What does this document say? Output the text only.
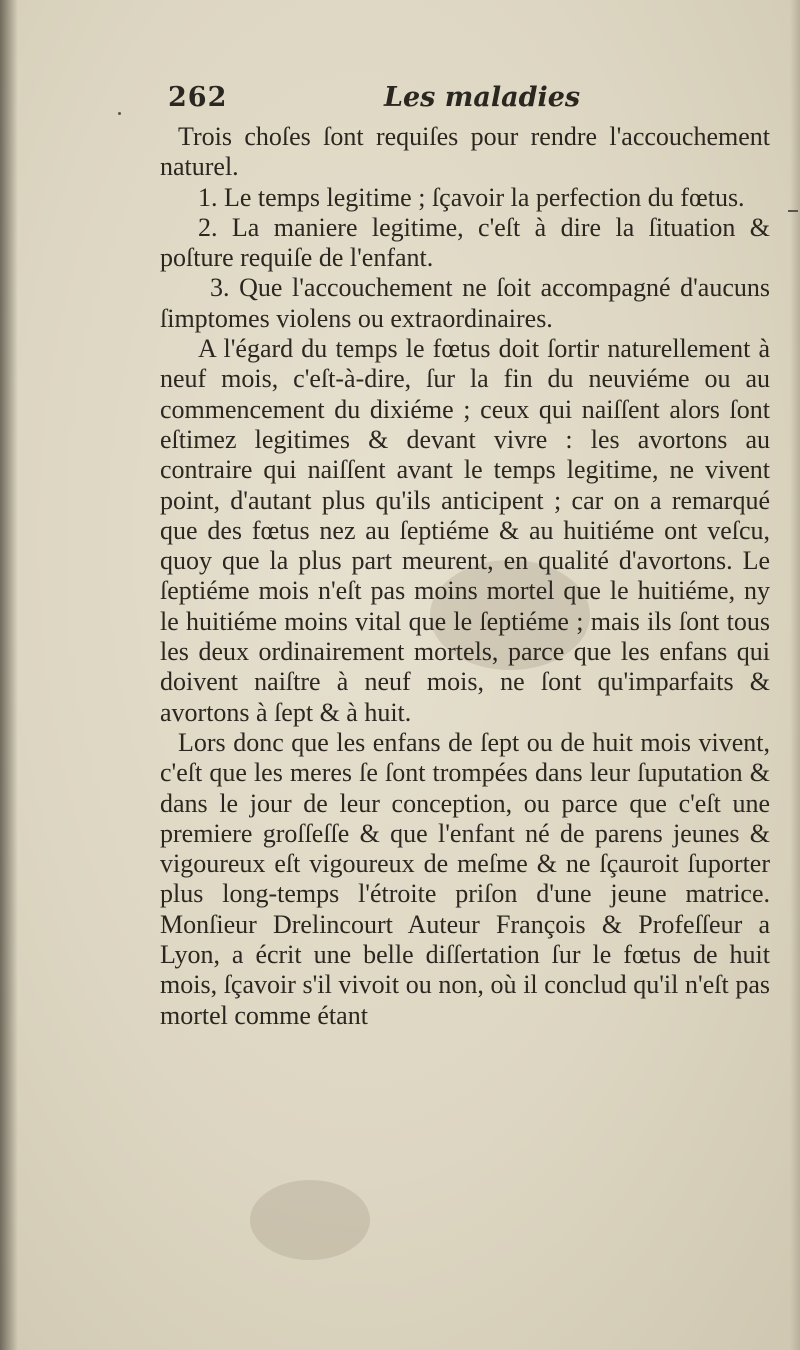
262	Les maladies

Trois choſes ſont requiſes pour rendre l'accouchement naturel.

1. Le temps legitime ; ſçavoir la perfection du fœtus.

2. La maniere legitime, c'eſt à dire la ſituation & poſture requiſe de l'enfant.

3. Que l'accouchement ne ſoit accompagné d'aucuns ſimptomes violens ou extraordinaires.

A l'égard du temps le fœtus doit ſortir naturellement à neuf mois, c'eſt-à-dire, ſur la fin du neuviéme ou au commencement du dixiéme ; ceux qui naiſſent alors ſont eſtimez legitimes & devant vivre : les avortons au contraire qui naiſſent avant le temps legitime, ne vivent point, d'autant plus qu'ils anticipent ; car on a remarqué que des fœtus nez au ſeptiéme & au huitiéme ont veſcu, quoy que la plus part meurent, en qualité d'avortons. Le ſeptiéme mois n'eſt pas moins mortel que le huitiéme, ny le huitiéme moins vital que le ſeptiéme ; mais ils ſont tous les deux ordinairement mortels, parce que les enfans qui doivent naiſtre à neuf mois, ne ſont qu'imparfaits & avortons à ſept & à huit.

Lors donc que les enfans de ſept ou de huit mois vivent, c'eſt que les meres ſe ſont trompées dans leur ſuputation & dans le jour de leur conception, ou parce que c'eſt une premiere groſſeſſe & que l'enfant né de parens jeunes & vigoureux eſt vigoureux de meſme & ne ſçauroit ſuporter plus long-temps l'étroite priſon d'une jeune matrice. Monſieur Drelincourt Auteur François & Profeſſeur a Lyon, a écrit une belle diſſertation ſur le fœtus de huit mois, ſçavoir s'il vivoit ou non, où il conclud qu'il n'eſt pas mortel comme étant
